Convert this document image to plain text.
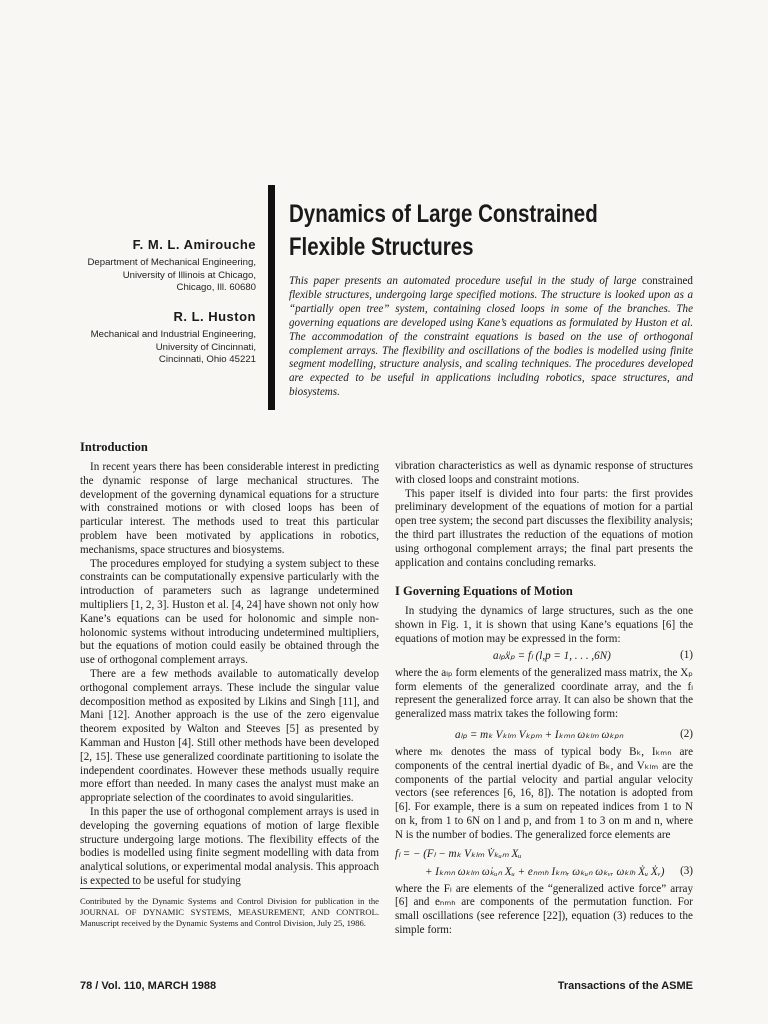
F. M. L. Amirouche
Department of Mechanical Engineering,
University of Illinois at Chicago,
Chicago, Ill. 60680
R. L. Huston
Mechanical and Industrial Engineering,
University of Cincinnati,
Cincinnati, Ohio 45221
Dynamics of Large Constrained
Flexible Structures
This paper presents an automated procedure useful in the study of large constrained flexible structures, undergoing large specified motions. The structure is looked upon as a “partially open tree” system, containing closed loops in some of the branches. The governing equations are developed using Kane’s equations as formulated by Huston et al. The accommodation of the constraint equations is based on the use of orthogonal complement arrays. The flexibility and oscillations of the bodies is modelled using finite segment modelling, structure analysis, and scaling techniques. The procedures developed are expected to be useful in applications including robotics, space structures, and biosystems.
Introduction

In recent years there has been considerable interest in predicting the dynamic response of large mechanical structures. The development of the governing dynamical equations for a structure with constrained motions or with closed loops has been of particular interest. The methods used to treat this particular problem have been motivated by applications in robotics, mechanisms, space structures and biosystems.

The procedures employed for studying a system subject to these constraints can be computationally expensive particularly with the introduction of parameters such as lagrange undetermined multipliers [1, 2, 3]. Huston et al. [4, 24] have shown not only how Kane’s equations can be used for holonomic and simple non-holonomic systems without introducing undetermined multipliers, but the equations of motion could easily be obtained through the use of orthogonal complement arrays.

There are a few methods available to automatically develop orthogonal complement arrays. These include the singular value decomposition method as exposited by Likins and Singh [11], and Mani [12]. Another approach is the use of the zero eigenvalue theorem exposited by Walton and Steeves [5] as presented by Kamman and Huston [4]. Still other methods have been developed [2, 15]. These use generalized coordinate partitioning to isolate the independent coordinates. However these methods usually require more effort than needed. In many cases the analyst must make an appropriate selection of the coordinates to avoid singularities.

In this paper the use of orthogonal complement arrays is used in developing the governing equations of motion of large flexible structure undergoing large motions. The flexibility effects of the bodies is modelled using finite segment modelling with data from analytical solutions, or experimental modal analysis. This approach is expected to be useful for studying

Contributed by the Dynamic Systems and Control Division for publication in the JOURNAL OF DYNAMIC SYSTEMS, MEASUREMENT, AND CONTROL. Manuscript received by the Dynamic Systems and Control Division, July 25, 1986.

vibration characteristics as well as dynamic response of structures with closed loops and constraint motions.

This paper itself is divided into four parts: the first provides preliminary development of the equations of motion for a partial open tree system; the second part discusses the flexibility analysis; the third part illustrates the reduction of the equations of motion using orthogonal complement arrays; the final part presents the application and contains concluding remarks.

I Governing Equations of Motion

In studying the dynamics of large structures, such as the one shown in Fig. 1, it is shown that using Kane’s equations [6] the equations of motion may be expressed in the form:

aₗₚẍₚ = fₗ (l,p = 1, . . . ,6N)	(1)

where the aₗₚ form elements of the generalized mass matrix, the Xₚ form elements of the generalized coordinate array, and the fₗ represent the generalized force array. It can also be shown that the generalized mass matrix takes the following form:

aₗₚ = mₖ Vₖₗₘ Vₖₚₘ + Iₖₘₙ ωₖₗₘ ωₖₚₙ	(2)

where mₖ denotes the mass of typical body Bₖ, Iₖₘₙ are components of the central inertial dyadic of Bₖ, and Vₖₗₘ are the components of the partial velocity and partial angular velocity vectors (see references [6, 16, 8]). The notation is adopted from [6]. For example, there is a sum on repeated indices from 1 to N on k, from 1 to 6N on l and p, and from 1 to 3 on m and n, where N is the number of bodies. The generalized force elements are

fₗ = − (Fₗ − mₖ Vₖₗₘ V̇ₖᵤₘ Xᵤ
+ Iₖₘₙ ωₖₗₘ ω̇ₖᵤₙ Xᵤ + eₙₘₕ Iₖₘᵣ ωₖᵤₙ ωₖᵥᵣ ωₖₗₕ Ẋᵤ Ẋᵥ) (3)

where the Fₗ are elements of the “generalized active force” array [6] and eₙₘₕ are components of the permutation function. For small oscillations (see reference [22]), equation (3) reduces to the simple form:

78 / Vol. 110, MARCH 1988	Transactions of the ASME
